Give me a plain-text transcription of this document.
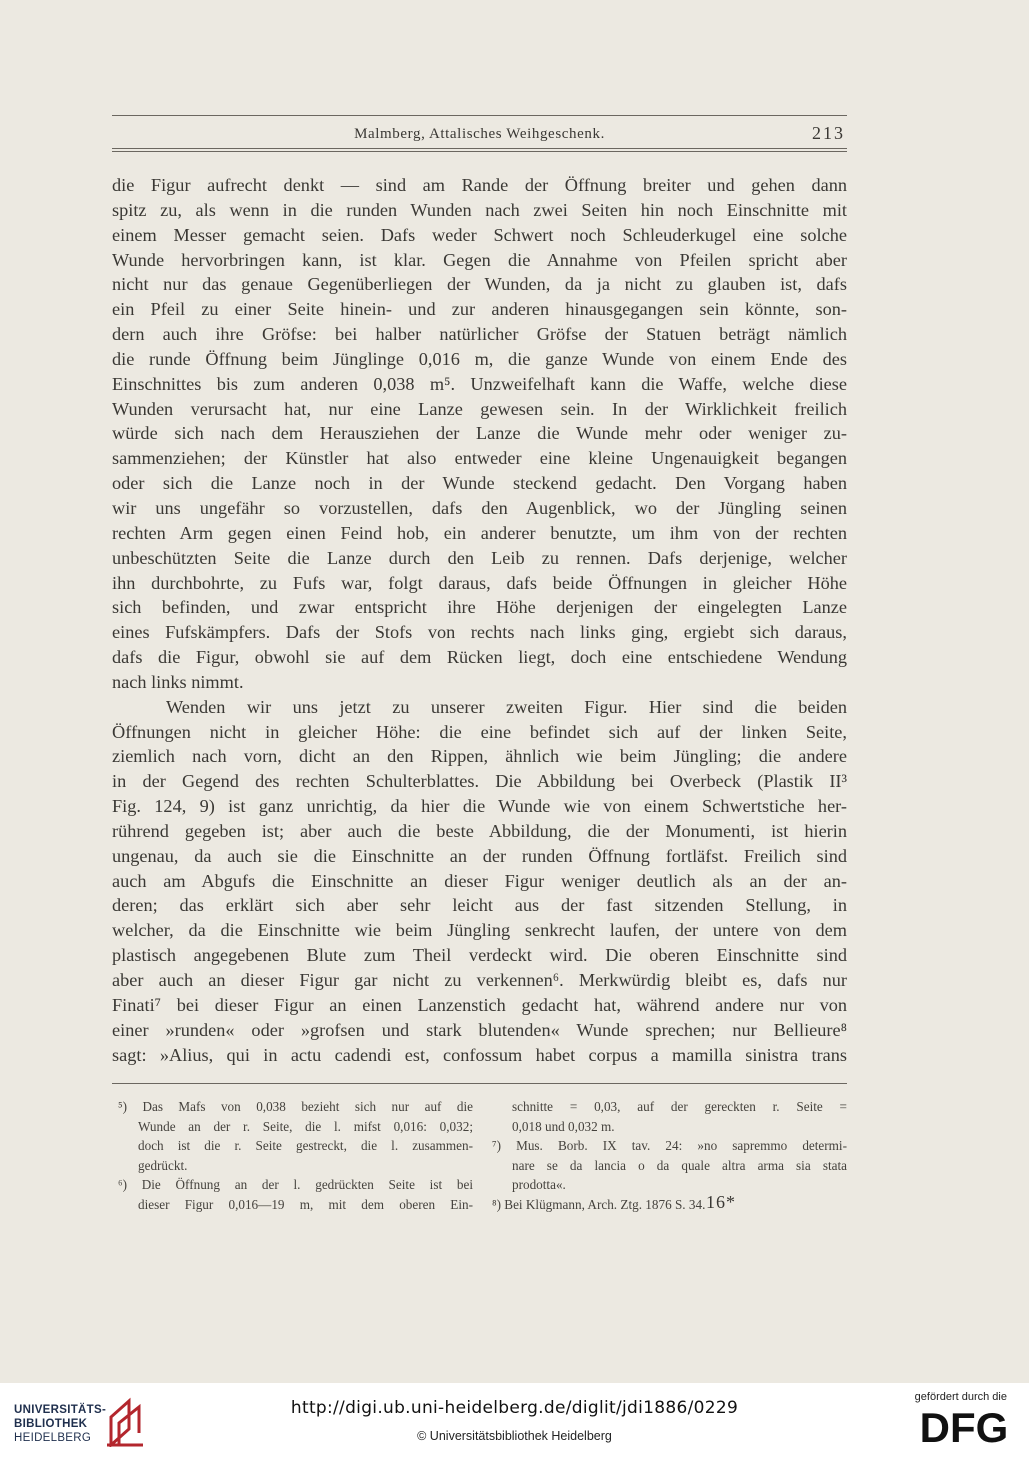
Malmberg, Attalisches Weihgeschenk.	213
die Figur aufrecht denkt — sind am Rande der Öffnung breiter und gehen dann
spitz zu, als wenn in die runden Wunden nach zwei Seiten hin noch Einschnitte mit
einem Messer gemacht seien. Dafs weder Schwert noch Schleuderkugel eine solche
Wunde hervorbringen kann, ist klar. Gegen die Annahme von Pfeilen spricht aber
nicht nur das genaue Gegenüberliegen der Wunden, da ja nicht zu glauben ist, dafs
ein Pfeil zu einer Seite hinein- und zur anderen hinausgegangen sein könnte, son-
dern auch ihre Gröfse: bei halber natürlicher Gröfse der Statuen beträgt nämlich
die runde Öffnung beim Jünglinge 0,016 m, die ganze Wunde von einem Ende des
Einschnittes bis zum anderen 0,038 m⁵. Unzweifelhaft kann die Waffe, welche diese
Wunden verursacht hat, nur eine Lanze gewesen sein. In der Wirklichkeit freilich
würde sich nach dem Herausziehen der Lanze die Wunde mehr oder weniger zu-
sammenziehen; der Künstler hat also entweder eine kleine Ungenauigkeit begangen
oder sich die Lanze noch in der Wunde steckend gedacht. Den Vorgang haben
wir uns ungefähr so vorzustellen, dafs den Augenblick, wo der Jüngling seinen
rechten Arm gegen einen Feind hob, ein anderer benutzte, um ihm von der rechten
unbeschützten Seite die Lanze durch den Leib zu rennen. Dafs derjenige, welcher
ihn durchbohrte, zu Fufs war, folgt daraus, dafs beide Öffnungen in gleicher Höhe
sich befinden, und zwar entspricht ihre Höhe derjenigen der eingelegten Lanze
eines Fufskämpfers. Dafs der Stofs von rechts nach links ging, ergiebt sich daraus,
dafs die Figur, obwohl sie auf dem Rücken liegt, doch eine entschiedene Wendung
nach links nimmt.
Wenden wir uns jetzt zu unserer zweiten Figur. Hier sind die beiden
Öffnungen nicht in gleicher Höhe: die eine befindet sich auf der linken Seite,
ziemlich nach vorn, dicht an den Rippen, ähnlich wie beim Jüngling; die andere
in der Gegend des rechten Schulterblattes. Die Abbildung bei Overbeck (Plastik II³
Fig. 124, 9) ist ganz unrichtig, da hier die Wunde wie von einem Schwertstiche her-
rührend gegeben ist; aber auch die beste Abbildung, die der Monumenti, ist hierin
ungenau, da auch sie die Einschnitte an der runden Öffnung fortläfst. Freilich sind
auch am Abgufs die Einschnitte an dieser Figur weniger deutlich als an der an-
deren; das erklärt sich aber sehr leicht aus der fast sitzenden Stellung, in
welcher, da die Einschnitte wie beim Jüngling senkrecht laufen, der untere von dem
plastisch angegebenen Blute zum Theil verdeckt wird. Die oberen Einschnitte sind
aber auch an dieser Figur gar nicht zu verkennen⁶. Merkwürdig bleibt es, dafs nur
Finati⁷ bei dieser Figur an einen Lanzenstich gedacht hat, während andere nur von
einer »runden« oder »grofsen und stark blutenden« Wunde sprechen; nur Bellieure⁸
sagt: »Alius, qui in actu cadendi est, confossum habet corpus a mamilla sinistra trans
⁵) Das Mafs von 0,038 bezieht sich nur auf die
Wunde an der r. Seite, die l. mifst 0,016: 0,032;
doch ist die r. Seite gestreckt, die l. zusammen-
gedrückt.
⁶) Die Öffnung an der l. gedrückten Seite ist bei
dieser Figur 0,016—19 m, mit dem oberen Ein-
schnitte = 0,03, auf der gereckten r. Seite =
0,018 und 0,032 m.
⁷) Mus. Borb. IX tav. 24: »no sapremmo determi-
nare se da lancia o da quale altra arma sia stata
prodotta«.
⁸) Bei Klügmann, Arch. Ztg. 1876 S. 34. 16*
UNIVERSITÄTS-
BIBLIOTHEK
HEIDELBERG
http://digi.ub.uni-heidelberg.de/diglit/jdi1886/0229
© Universitätsbibliothek Heidelberg
gefördert durch die
DFG
